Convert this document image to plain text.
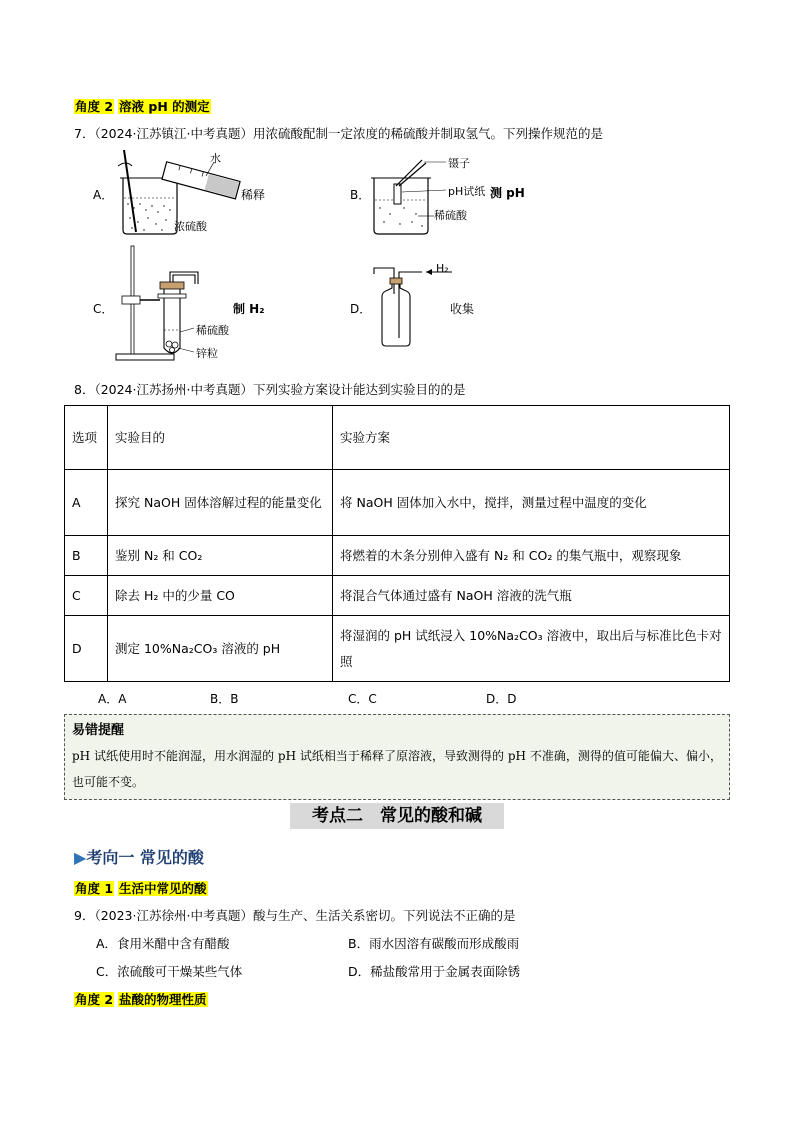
角度 2 溶液 pH 的测定
7．（2024·江苏镇江·中考真题）用浓硫酸配制一定浓度的稀硫酸并制取氢气。下列操作规范的是
A．
水
稀释
浓硫酸
B．
镊子
pH试纸 测 pH
稀硫酸
C．	制 H₂
稀硫酸
锌粒
D．
H₂
收集
8．（2024·江苏扬州·中考真题）下列实验方案设计能达到实验目的的是
选项	实验目的	实验方案
A	探究 NaOH 固体溶解过程的能量变化	将 NaOH 固体加入水中，搅拌，测量过程中温度的变化
B	鉴别 N₂ 和 CO₂	将燃着的木条分别伸入盛有 N₂ 和 CO₂ 的集气瓶中，观察现象
C	除去 H₂ 中的少量 CO	将混合气体通过盛有 NaOH 溶液的洗气瓶
D	测定 10%Na₂CO₃ 溶液的 pH	将湿润的 pH 试纸浸入 10%Na₂CO₃ 溶液中，取出后与标准比色卡对照
A．A	B．B	C．C	D．D
易错提醒
pH 试纸使用时不能润湿，用水润湿的 pH 试纸相当于稀释了原溶液，导致测得的 pH 不准确，测得的值可能偏大、偏小，也可能不变。
考点二　常见的酸和碱
▶考向一 常见的酸
角度 1 生活中常见的酸
9．（2023·江苏徐州·中考真题）酸与生产、生活关系密切。下列说法不正确的是
A．食用米醋中含有醋酸	B．雨水因溶有碳酸而形成酸雨
C．浓硫酸可干燥某些气体	D．稀盐酸常用于金属表面除锈
角度 2 盐酸的物理性质
